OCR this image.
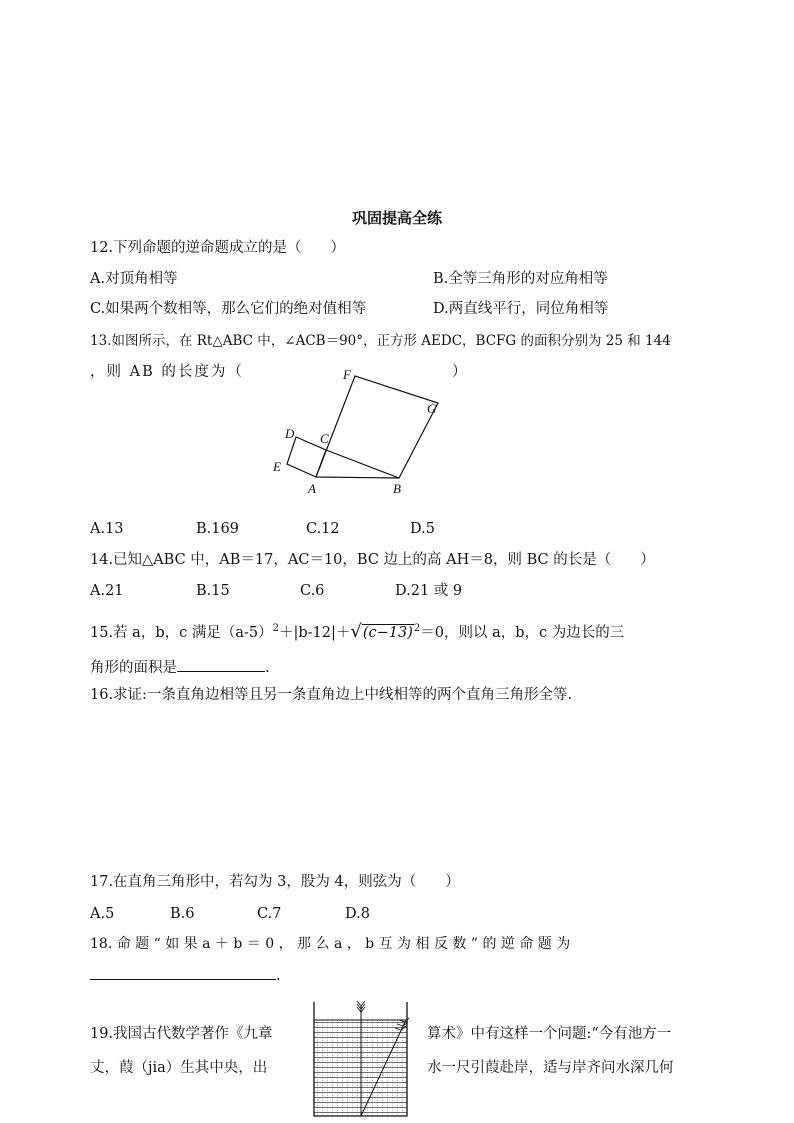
巩固提高全练
12.下列命题的逆命题成立的是（　　）
A.对顶角相等	B.全等三角形的对应角相等
C.如果两个数相等，那么它们的绝对值相等	D.两直线平行，同位角相等
13.如图所示，在 Rt△ABC 中，∠ACB＝90°，正方形 AEDC，BCFG 的面积分别为 25 和 144
，则 AB 的长度为（	）
F
G
D C
E
A	B
A.13	B.169	C.12	D.5
14.已知△ABC 中，AB＝17，AC＝10，BC 边上的高 AH＝8，则 BC 的长是（　　）
A.21	B.15	C.6	D.21 或 9
15.若 a，b，c 满足$(a-5)^2+|b-12|+√(c-13)^2=0$，则以 a，b，c 为边长的三
角形的面积是	.
16.求证:一条直角边相等且另一条直角边上中线相等的两个直角三角形全等.
17.在直角三角形中，若勾为 3，股为 4，则弦为（　　）
A.5	B.6	C.7	D.8
18. 命 题 “ 如 果 a ＋ b ＝ 0 ， 那 么 a ， b 互 为 相 反 数 ” 的 逆 命 题 为
.
19.我国古代数学著作《九章	算术》中有这样一个问题:“今有池方一
丈，葭（jia）生其中央，出	水一尺引葭赴岸，适与岸齐问水深几何
